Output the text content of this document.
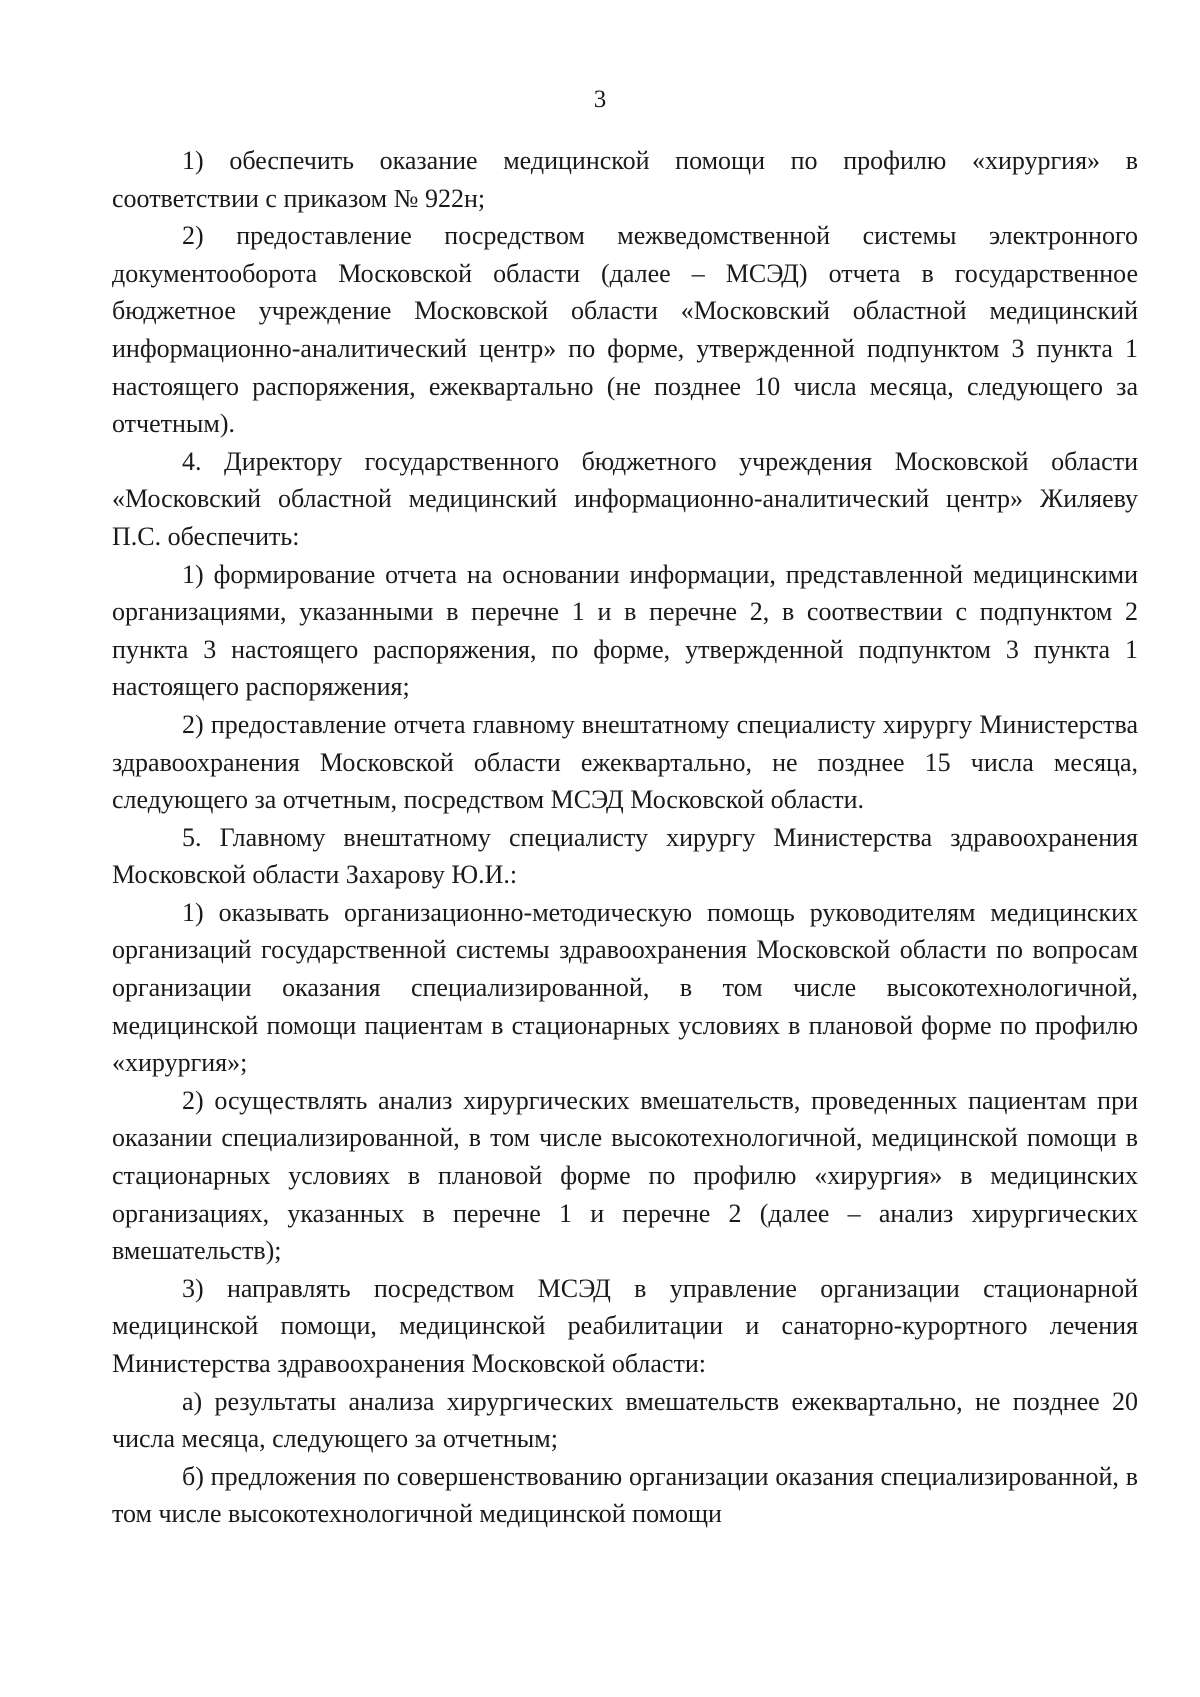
3

1) обеспечить оказание медицинской помощи по профилю «хирургия» в соответствии с приказом № 922н;

2) предоставление посредством межведомственной системы электронного документооборота Московской области (далее – МСЭД) отчета в государственное бюджетное учреждение Московской области «Московский областной медицинский информационно-аналитический центр» по форме, утвержденной подпунктом 3 пункта 1 настоящего распоряжения, ежеквартально (не позднее 10 числа месяца, следующего за отчетным).

4. Директору государственного бюджетного учреждения Московской области «Московский областной медицинский информационно-аналитический центр» Жиляеву П.С. обеспечить:

1) формирование отчета на основании информации, представленной медицинскими организациями, указанными в перечне 1 и в перечне 2, в соотвествии с подпунктом 2 пункта 3 настоящего распоряжения, по форме, утвержденной подпунктом 3 пункта 1 настоящего распоряжения;

2) предоставление отчета главному внештатному специалисту хирургу Министерства здравоохранения Московской области ежеквартально, не позднее 15 числа месяца, следующего за отчетным, посредством МСЭД Московской области.

5. Главному внештатному специалисту хирургу Министерства здравоохранения Московской области Захарову Ю.И.:

1) оказывать организационно-методическую помощь руководителям медицинских организаций государственной системы здравоохранения Московской области по вопросам организации оказания специализированной, в том числе высокотехнологичной, медицинской помощи пациентам в стационарных условиях в плановой форме по профилю «хирургия»;

2) осуществлять анализ хирургических вмешательств, проведенных пациентам при оказании специализированной, в том числе высокотехнологичной, медицинской помощи в стационарных условиях в плановой форме по профилю «хирургия» в медицинских организациях, указанных в перечне 1 и перечне 2 (далее – анализ хирургических вмешательств);

3) направлять посредством МСЭД в управление организации стационарной медицинской помощи, медицинской реабилитации и санаторно-курортного лечения Министерства здравоохранения Московской области:

а) результаты анализа хирургических вмешательств ежеквартально, не позднее 20 числа месяца, следующего за отчетным;

б) предложения по совершенствованию организации оказания специализированной, в том числе высокотехнологичной медицинской помощи
